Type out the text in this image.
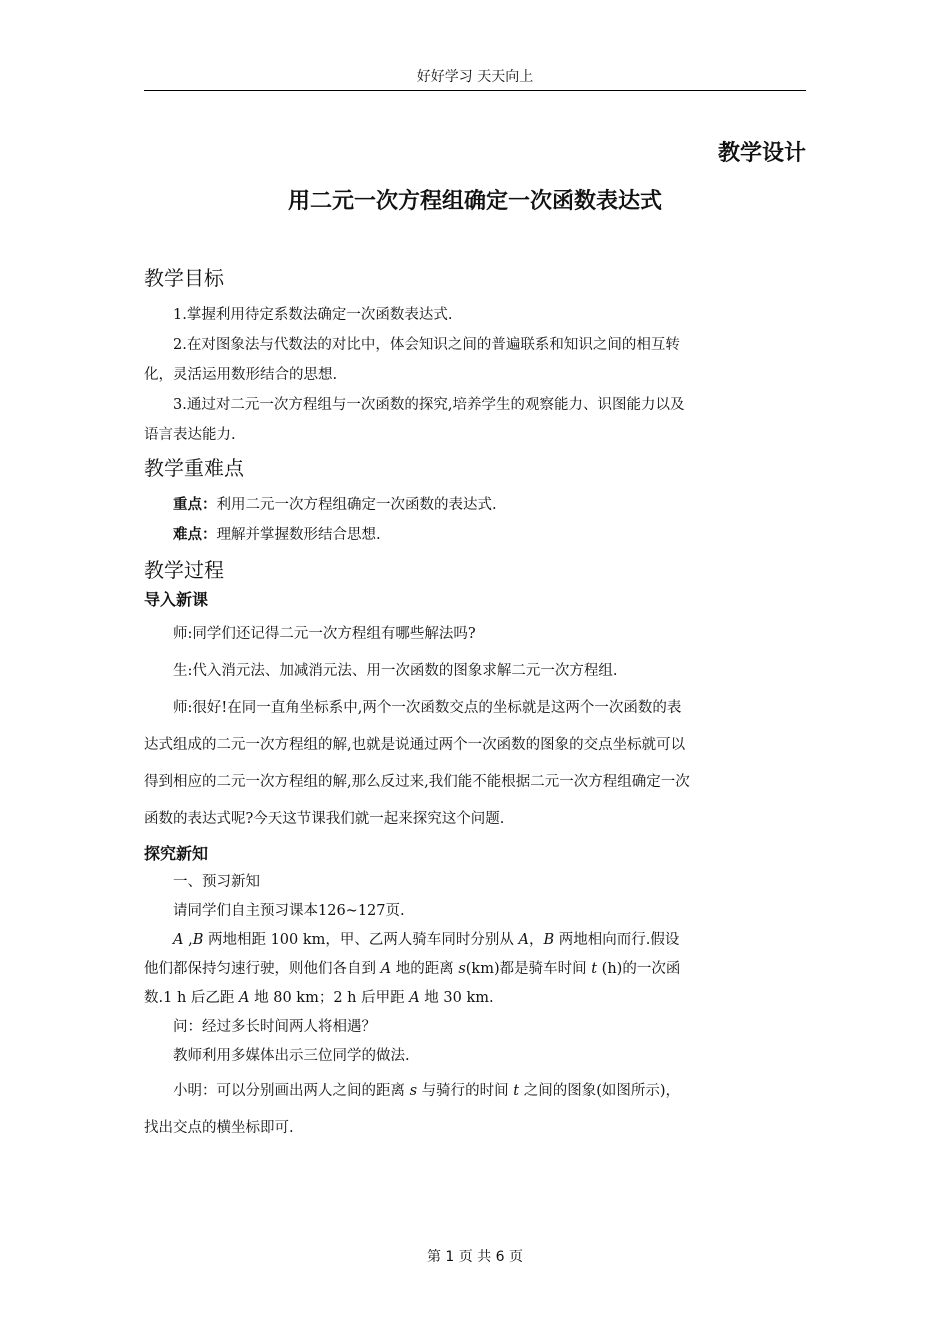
好好学习 天天向上
教学设计
用二元一次方程组确定一次函数表达式
教学目标

1.掌握利用待定系数法确定一次函数表达式.

2.在对图象法与代数法的对比中，体会知识之间的普遍联系和知识之间的相互转化，灵活运用数形结合的思想.

3.通过对二元一次方程组与一次函数的探究,培养学生的观察能力、识图能力以及语言表达能力.

教学重难点

重点：利用二元一次方程组确定一次函数的表达式.

难点：理解并掌握数形结合思想.

教学过程
导入新课

师:同学们还记得二元一次方程组有哪些解法吗?

生:代入消元法、加减消元法、用一次函数的图象求解二元一次方程组.

师:很好!在同一直角坐标系中,两个一次函数交点的坐标就是这两个一次函数的表达式组成的二元一次方程组的解,也就是说通过两个一次函数的图象的交点坐标就可以得到相应的二元一次方程组的解,那么反过来,我们能不能根据二元一次方程组确定一次函数的表达式呢?今天这节课我们就一起来探究这个问题.

探究新知

一、预习新知

请同学们自主预习课本126~127页.

A ,B 两地相距 100 km，甲、乙两人骑车同时分别从 A，B 两地相向而行.假设他们都保持匀速行驶，则他们各自到 A 地的距离 s(km)都是骑车时间 t (h)的一次函数.1 h 后乙距 A 地 80 km；2 h 后甲距 A 地 30 km.

问：经过多长时间两人将相遇？

教师利用多媒体出示三位同学的做法.

小明：可以分别画出两人之间的距离 s 与骑行的时间 t 之间的图象(如图所示)，找出交点的横坐标即可.

第 1 页 共 6 页
